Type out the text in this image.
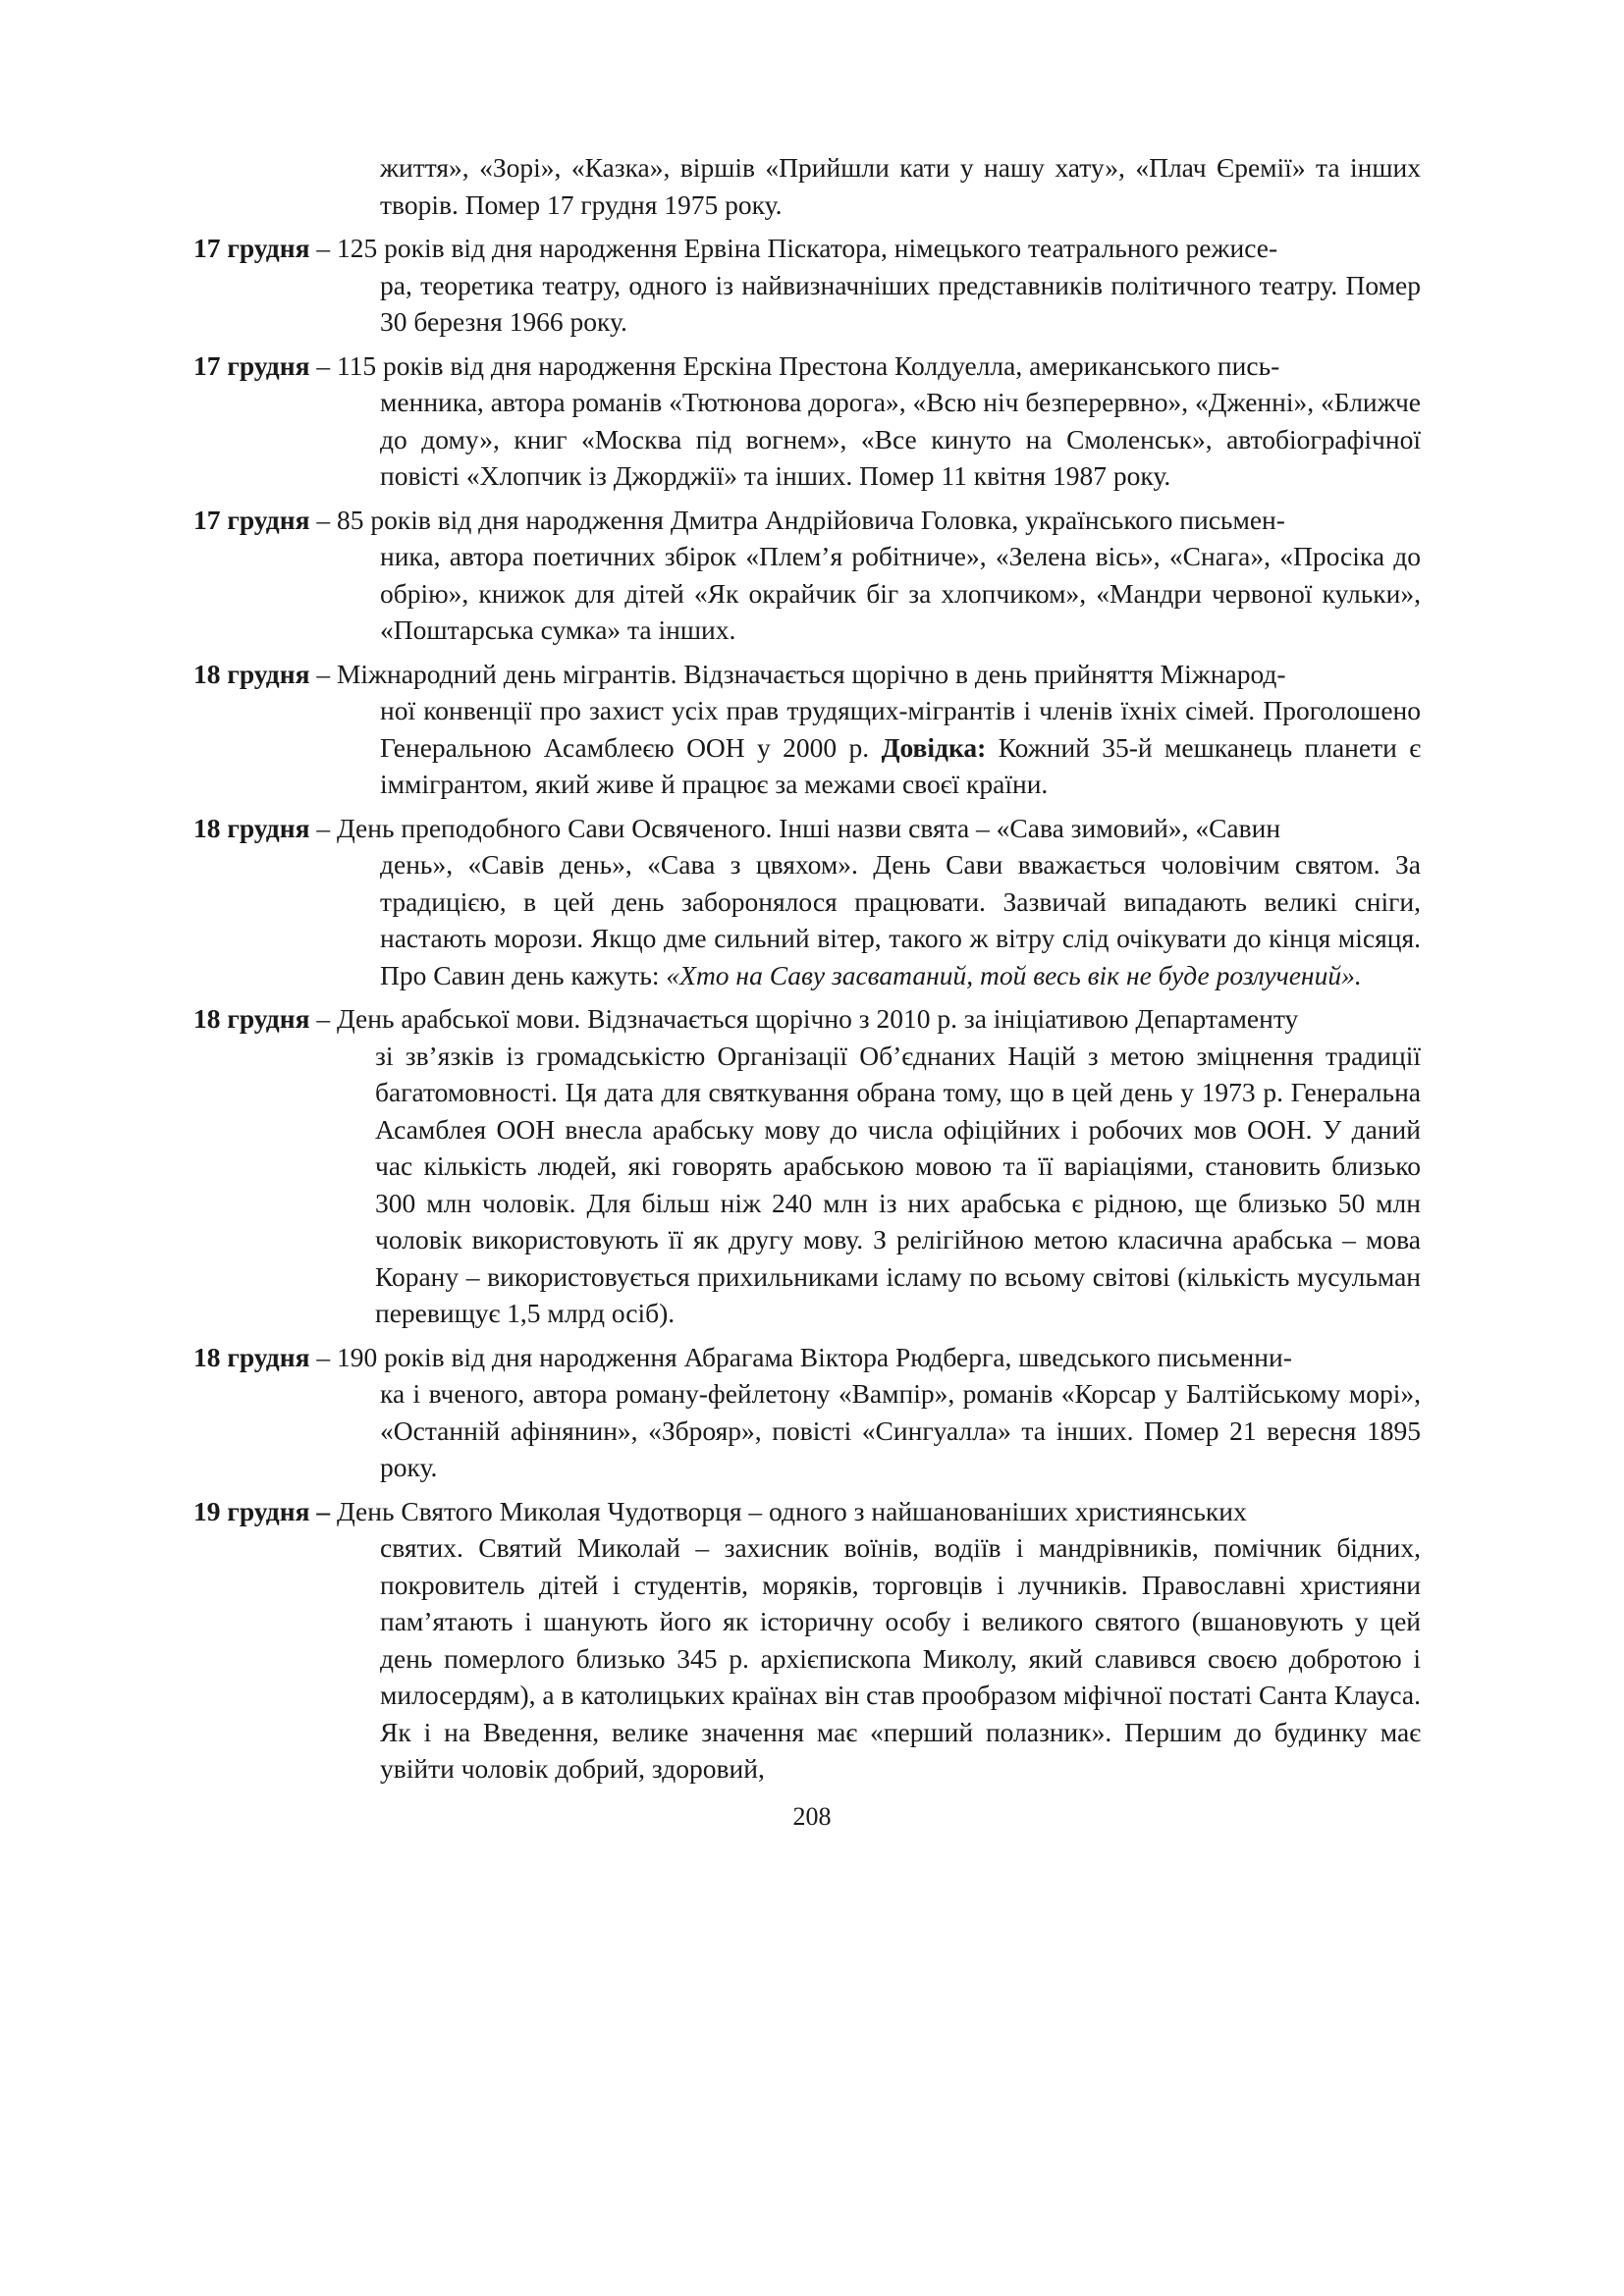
життя», «Зорі», «Казка», віршів «Прийшли кати у нашу хату», «Плач Єремії» та інших творів. Помер 17 грудня 1975 року.
17 грудня – 125 років від дня народження Ервіна Піскатора, німецького театрального режисе-
ра, теоретика театру, одного із найвизначніших представників політичного театру. Помер 30 березня 1966 року.
17 грудня – 115 років від дня народження Ерскіна Престона Колдуелла, американського пись-
менника, автора романів «Тютюнова дорога», «Всю ніч безперервно», «Дженні», «Ближче до дому», книг «Москва під вогнем», «Все кинуто на Смоленськ», автобіографічної повісті «Хлопчик із Джорджії» та інших. Помер 11 квітня 1987 року.
17 грудня – 85 років від дня народження Дмитра Андрійовича Головка, українського письмен-
ника, автора поетичних збірок «Плем’я робітниче», «Зелена вісь», «Снага», «Просіка до обрію», книжок для дітей «Як окрайчик біг за хлопчиком», «Мандри червоної кульки», «Поштарська сумка» та інших.
18 грудня – Міжнародний день мігрантів. Відзначається щорічно в день прийняття Міжнарод-
ної конвенції про захист усіх прав трудящих-мігрантів і членів їхніх сімей. Проголошено Генеральною Асамблеєю ООН у 2000 р. Довідка: Кожний 35-й мешканець планети є іммігрантом, який живе й працює за межами своєї країни.
18 грудня – День преподобного Сави Освяченого. Інші назви свята – «Сава зимовий», «Савин
день», «Савів день», «Сава з цвяхом». День Сави вважається чоловічим святом. За традицією, в цей день заборонялося працювати. Зазвичай випадають великі сніги, настають морози. Якщо дме сильний вітер, такого ж вітру слід очікувати до кінця місяця. Про Савин день кажуть: «Хто на Саву засватаний, той весь вік не буде розлучений».
18 грудня – День арабської мови. Відзначається щорічно з 2010 р. за ініціативою Департаменту
зі зв’язків із громадськістю Організації Об’єднаних Націй з метою зміцнення традиції багатомовності. Ця дата для святкування обрана тому, що в цей день у 1973 р. Генеральна Асамблея ООН внесла арабську мову до числа офіційних і робочих мов ООН. У даний час кількість людей, які говорять арабською мовою та її варіаціями, становить близько 300 млн чоловік. Для більш ніж 240 млн із них арабська є рідною, ще близько 50 млн чоловік використовують її як другу мову. З релігійною метою класична арабська – мова Корану – використовується прихильниками ісламу по всьому світові (кількість мусульман перевищує 1,5 млрд осіб).
18 грудня – 190 років від дня народження Абрагама Віктора Рюдберга, шведського письменни-
ка і вченого, автора роману-фейлетону «Вампір», романів «Корсар у Балтійському морі», «Останній афінянин», «Зброяр», повісті «Сингуалла» та інших. Помер 21 вересня 1895 року.
19 грудня – День Святого Миколая Чудотворця – одного з найшанованіших християнських
святих. Святий Миколай – захисник воїнів, водіїв і мандрівників, помічник бідних, покровитель дітей і студентів, моряків, торговців і лучників. Православні християни пам’ятають і шанують його як історичну особу і великого святого (вшановують у цей день померлого близько 345 р. архієпископа Миколу, який славився своєю добротою і милосердям), а в католицьких країнах він став прообразом міфічної постаті Санта Клауса. Як і на Введення, велике значення має «перший полазник». Першим до будинку має увійти чоловік добрий, здоровий,
208
